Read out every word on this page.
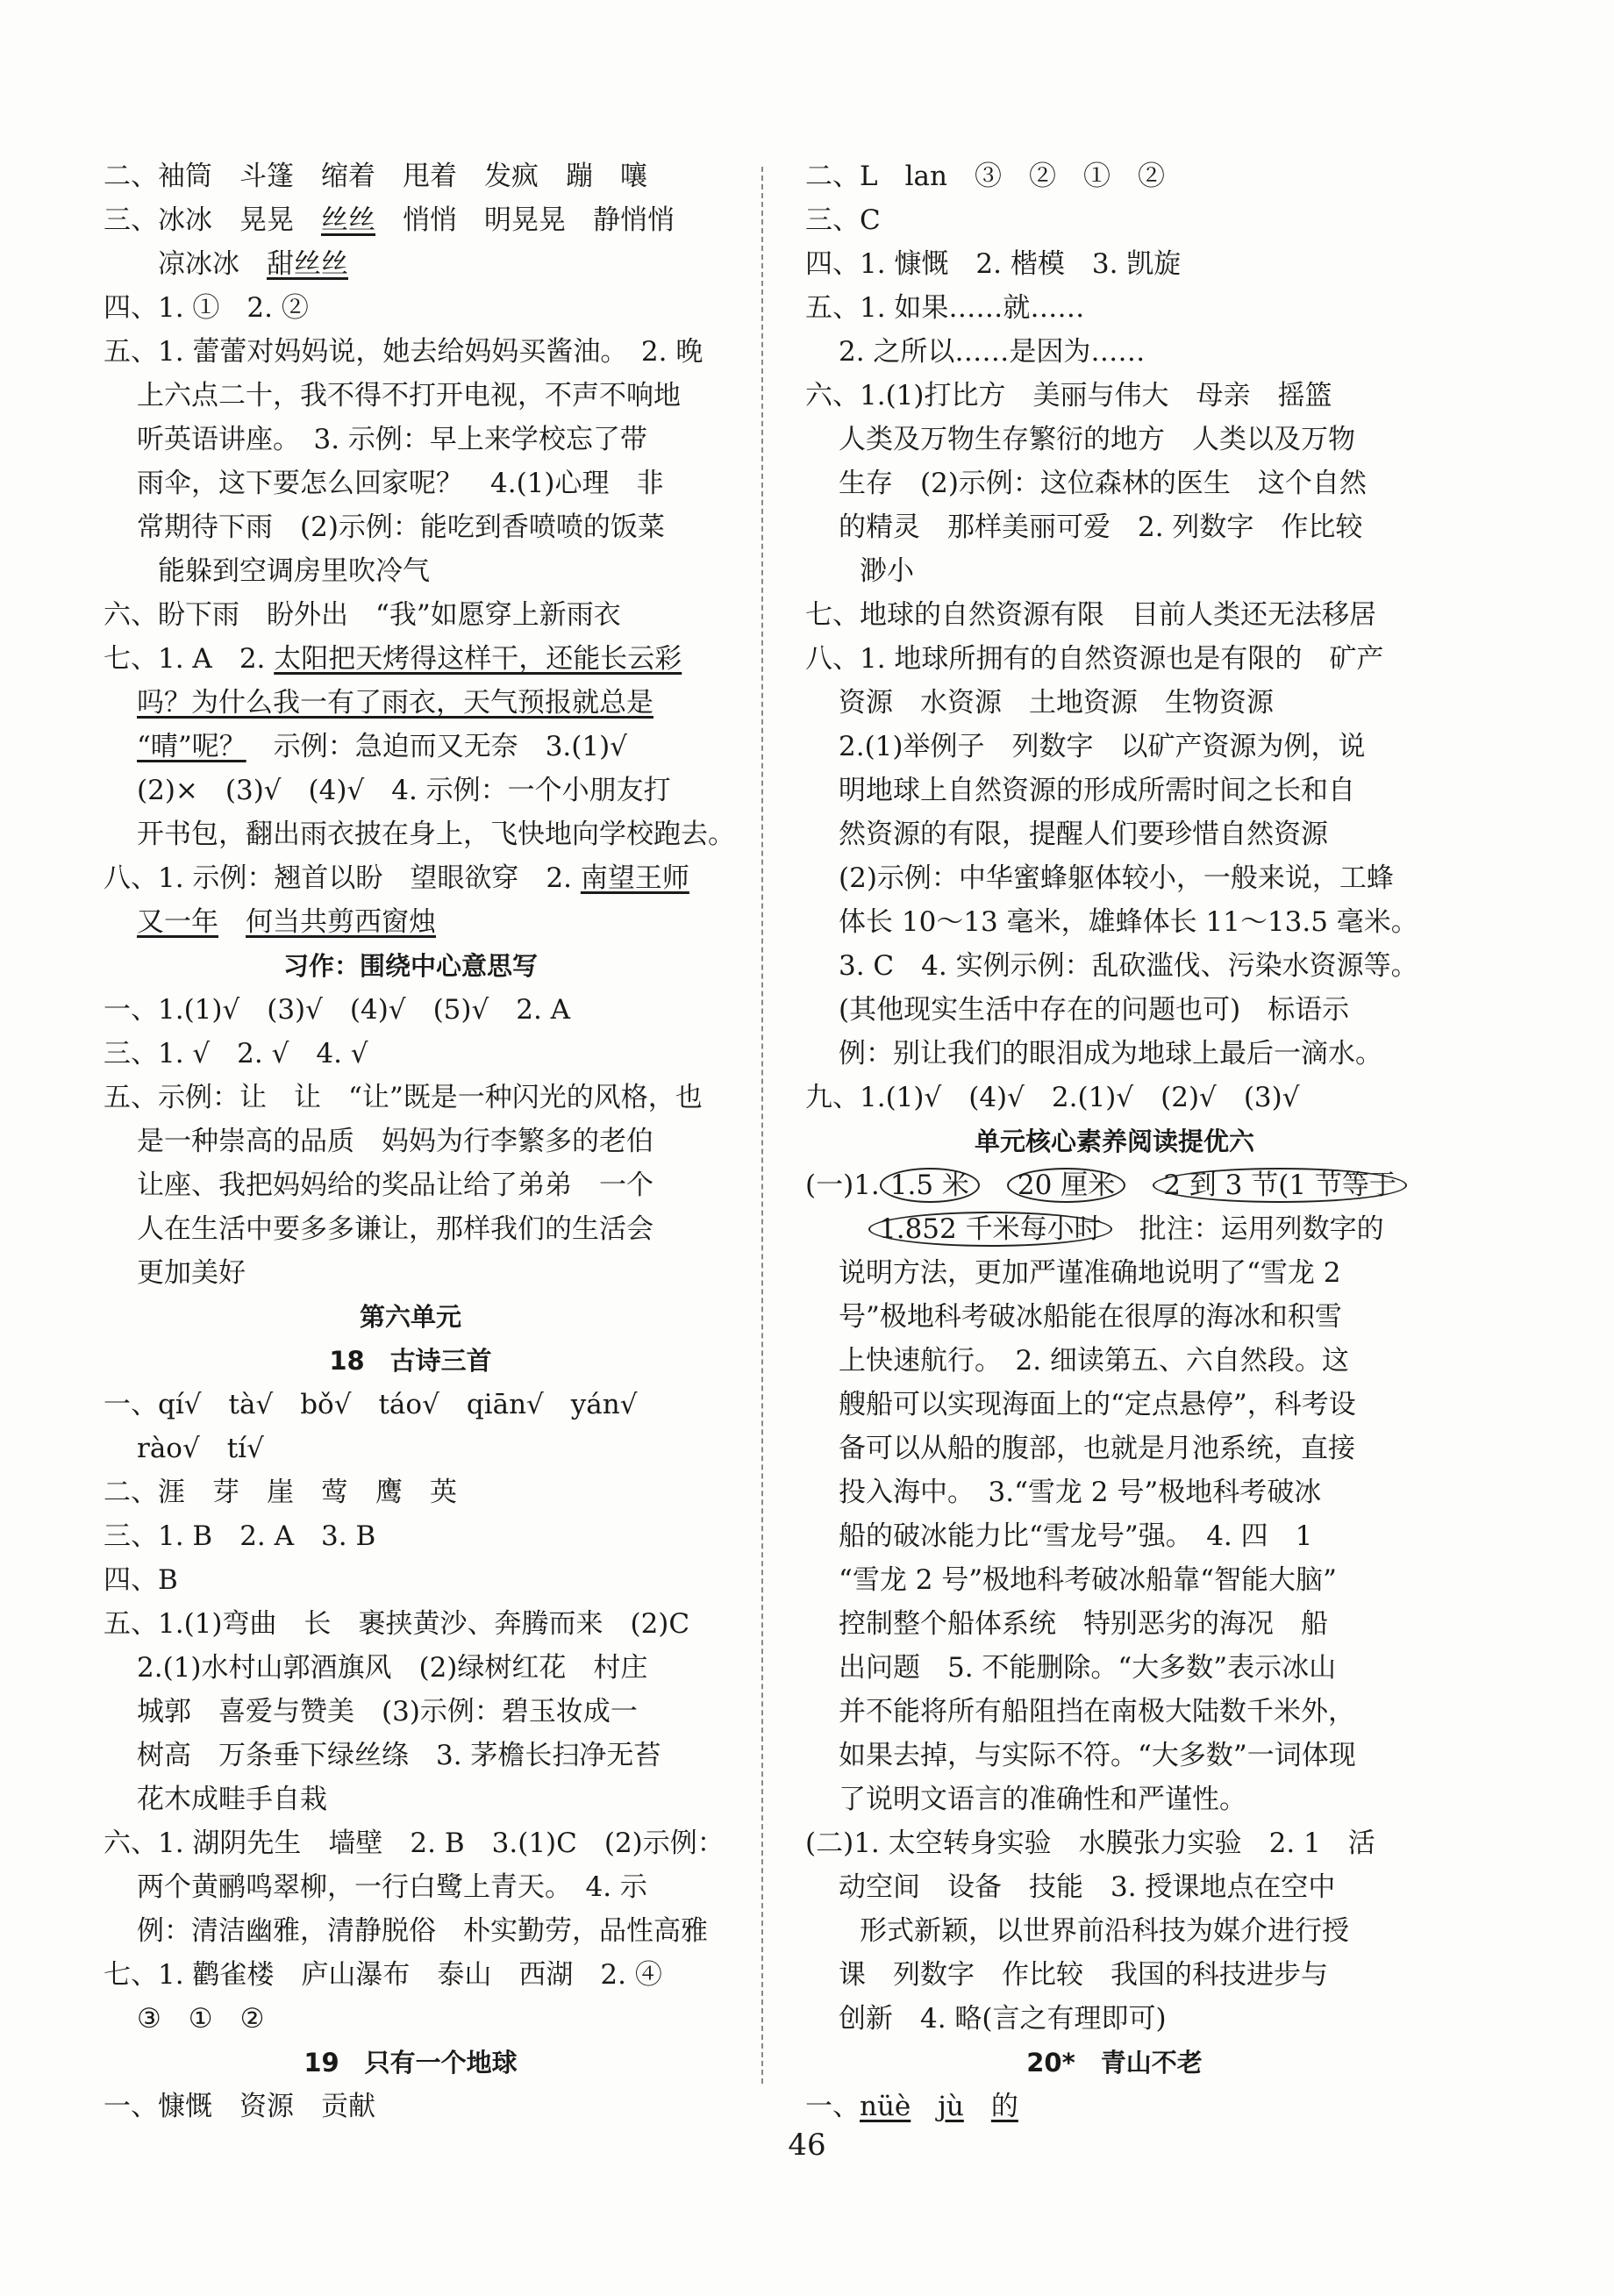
二、袖筒　斗篷　缩着　甩着　发疯　蹦　嚷
三、冰冰　晃晃　丝丝　悄悄　明晃晃　静悄悄
凉冰冰　甜丝丝
四、1. ①　2. ②
五、1. 蕾蕾对妈妈说，她去给妈妈买酱油。　2. 晚
上六点二十，我不得不打开电视，不声不响地
听英语讲座。　3. 示例：早上来学校忘了带
雨伞，这下要怎么回家呢？　4.(1)心理　非
常期待下雨　(2)示例：能吃到香喷喷的饭菜
能躲到空调房里吹冷气
六、盼下雨　盼外出　“我”如愿穿上新雨衣
七、1. A　2. 太阳把天烤得这样干，还能长云彩
吗？为什么我一有了雨衣，天气预报就总是
“晴”呢？　示例：急迫而又无奈　3.(1)√
(2)×　(3)√　(4)√　4. 示例：一个小朋友打
开书包，翻出雨衣披在身上，飞快地向学校跑去。
八、1. 示例：翘首以盼　望眼欲穿　2. 南望王师
又一年　 何当共剪西窗烛
习作：围绕中心意思写
一、1.(1)√　(3)√　(4)√　(5)√　2. A
三、1. √　2. √　4. √
五、示例：让　让　“让”既是一种闪光的风格，也
是一种崇高的品质　妈妈为行李繁多的老伯
让座、我把妈妈给的奖品让给了弟弟　一个
人在生活中要多多谦让，那样我们的生活会
更加美好
第六单元
18　古诗三首
一、qí√　tà√　bǒ√　táo√　qiān√　yán√
rào√　tí√
二、涯　芽　崖　莺　鹰　英
三、1. B　2. A　3. B
四、B
五、1.(1)弯曲　长　裹挟黄沙、奔腾而来　(2)C
2.(1)水村山郭酒旗风　(2)绿树红花　村庄
城郭　喜爱与赞美　(3)示例：碧玉妆成一
树高　万条垂下绿丝绦　3. 茅檐长扫净无苔
花木成畦手自栽
六、1. 湖阴先生　墙壁　2. B　3.(1)C　(2)示例：
两个黄鹂鸣翠柳，一行白鹭上青天。　4. 示
例：清洁幽雅，清静脱俗　朴实勤劳，品性高雅
七、1. 鹳雀楼　庐山瀑布　泰山　西湖　2. ④
③　①　②
19　只有一个地球
一、慷慨　资源　贡献
二、L　lan　③　②　①　②
三、C
四、1. 慷慨　2. 楷模　3. 凯旋
五、1. 如果……就……
2. 之所以……是因为……
六、1.(1)打比方　美丽与伟大　母亲　摇篮
人类及万物生存繁衍的地方　人类以及万物
生存　(2)示例：这位森林的医生　这个自然
的精灵　那样美丽可爱　2. 列数字　作比较
渺小
七、地球的自然资源有限　目前人类还无法移居
八、1. 地球所拥有的自然资源也是有限的　矿产
资源　水资源　土地资源　生物资源
2.(1)举例子　列数字　以矿产资源为例，说
明地球上自然资源的形成所需时间之长和自
然资源的有限，提醒人们要珍惜自然资源
(2)示例：中华蜜蜂躯体较小，一般来说，工蜂
体长 10～13 毫米，雄蜂体长 11～13.5 毫米。
3. C　4. 实例示例：乱砍滥伐、污染水资源等。
(其他现实生活中存在的问题也可)　标语示
例：别让我们的眼泪成为地球上最后一滴水。
九、1.(1)√　(4)√　2.(1)√　(2)√　(3)√
单元核心素养阅读提优六
(一)1. 1.5 米　 20 厘米　 2 到 3 节(1 节等于
1.852 千米每小时　批注：运用列数字的
说明方法，更加严谨准确地说明了“雪龙 2
号”极地科考破冰船能在很厚的海冰和积雪
上快速航行。　2. 细读第五、六自然段。这
艘船可以实现海面上的“定点悬停”，科考设
备可以从船的腹部，也就是月池系统，直接
投入海中。　3.“雪龙 2 号”极地科考破冰
船的破冰能力比“雪龙号”强。　4. 四　1
“雪龙 2 号”极地科考破冰船靠“智能大脑”
控制整个船体系统　特别恶劣的海况　船
出问题　5. 不能删除。“大多数”表示冰山
并不能将所有船阻挡在南极大陆数千米外，
如果去掉，与实际不符。“大多数”一词体现
了说明文语言的准确性和严谨性。
(二)1. 太空转身实验　水膜张力实验　2. 1　活
动空间　设备　技能　3. 授课地点在空中
形式新颖，以世界前沿科技为媒介进行授
课　列数字　作比较　我国的科技进步与
创新　4. 略(言之有理即可)
20*　青山不老
一、nüè　 jù　 的
46
